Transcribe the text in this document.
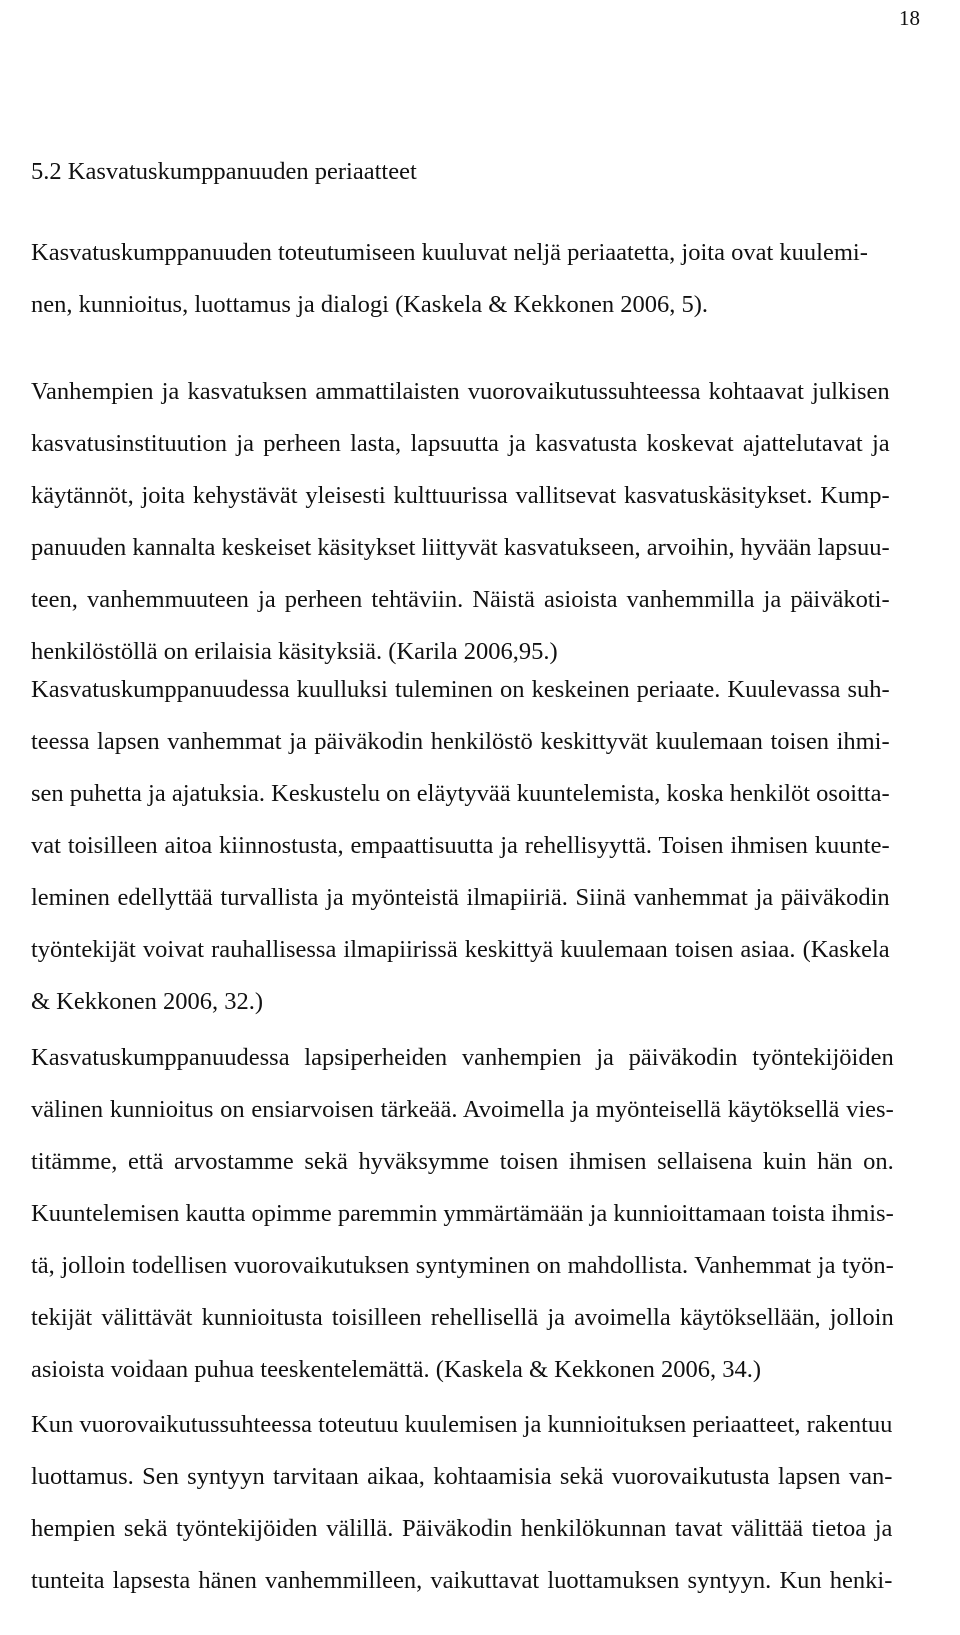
18
5.2 Kasvatuskumppanuuden periaatteet
Kasvatuskumppanuuden toteutumiseen kuuluvat neljä periaatetta, joita ovat kuulemi-
nen, kunnioitus, luottamus ja dialogi (Kaskela & Kekkonen 2006, 5).
Vanhempien ja kasvatuksen ammattilaisten vuorovaikutussuhteessa kohtaavat julkisen
kasvatusinstituution ja perheen lasta, lapsuutta ja kasvatusta koskevat ajattelutavat ja
käytännöt, joita kehystävät yleisesti kulttuurissa vallitsevat kasvatuskäsitykset. Kump-
panuuden kannalta keskeiset käsitykset liittyvät kasvatukseen, arvoihin, hyvään lapsuu-
teen, vanhemmuuteen ja perheen tehtäviin. Näistä asioista vanhemmilla ja päiväkoti-
henkilöstöllä on erilaisia käsityksiä. (Karila 2006,95.)
Kasvatuskumppanuudessa kuulluksi tuleminen on keskeinen periaate. Kuulevassa suh-
teessa lapsen vanhemmat ja päiväkodin henkilöstö keskittyvät kuulemaan toisen ihmi-
sen puhetta ja ajatuksia. Keskustelu on eläytyvää kuuntelemista, koska henkilöt osoitta-
vat toisilleen aitoa kiinnostusta, empaattisuutta ja rehellisyyttä. Toisen ihmisen kuunte-
leminen edellyttää turvallista ja myönteistä ilmapiiriä. Siinä vanhemmat ja päiväkodin
työntekijät voivat rauhallisessa ilmapiirissä keskittyä kuulemaan toisen asiaa. (Kaskela
& Kekkonen 2006, 32.)
Kasvatuskumppanuudessa lapsiperheiden vanhempien ja päiväkodin työntekijöiden
välinen kunnioitus on ensiarvoisen tärkeää. Avoimella ja myönteisellä käytöksellä vies-
titämme, että arvostamme sekä hyväksymme toisen ihmisen sellaisena kuin hän on.
Kuuntelemisen kautta opimme paremmin ymmärtämään ja kunnioittamaan toista ihmis-
tä, jolloin todellisen vuorovaikutuksen syntyminen on mahdollista. Vanhemmat ja työn-
tekijät välittävät kunnioitusta toisilleen rehellisellä ja avoimella käytöksellään, jolloin
asioista voidaan puhua teeskentelemättä. (Kaskela & Kekkonen 2006, 34.)
Kun vuorovaikutussuhteessa toteutuu kuulemisen ja kunnioituksen periaatteet, rakentuu
luottamus. Sen syntyyn tarvitaan aikaa, kohtaamisia sekä vuorovaikutusta lapsen van-
hempien sekä työntekijöiden välillä. Päiväkodin henkilökunnan tavat välittää tietoa ja
tunteita lapsesta hänen vanhemmilleen, vaikuttavat luottamuksen syntyyn. Kun henki-
